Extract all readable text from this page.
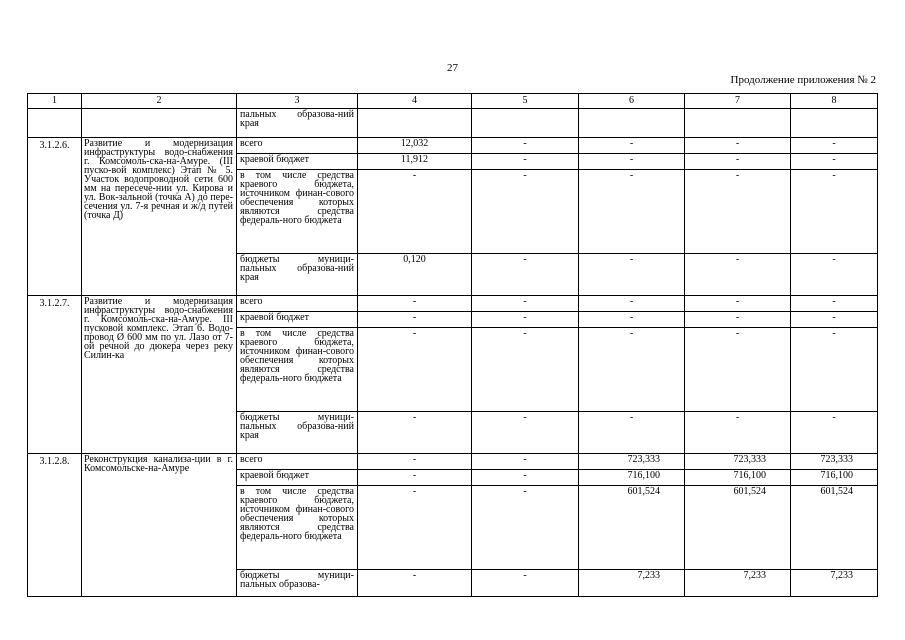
27
Продолжение приложения № 2
1	2	3	4	5	6	7	8
		пальных образова-ний края					
3.1.2.6.	Развитие и модернизация инфраструктуры водо-снабжения г. Комсомоль-ска-на-Амуре. (III пуско-вой комплекс) Этап № 5. Участок водопроводной сети 600 мм на пересече-нии ул. Кирова и ул. Вок-зальной (точка А) до пере-сечения ул. 7-я речная и ж/д путей (точка Д)	всего	12,032	-	-	-	-
		краевой бюджет	11,912	-	-	-	-
		в том числе средства краевого бюджета, источником финан-сового обеспечения которых являются средства федераль-ного бюджета	-	-	-	-	-
		бюджеты муници-пальных образова-ний края	0,120	-	-	-	-
3.1.2.7.	Развитие и модернизация инфраструктуры водо-снабжения г. Комсомоль-ска-на-Амуре. III пусковой комплекс. Этап 6. Водо-провод Ø 600 мм по ул. Лазо от 7-ой речной до дюкера через реку Силин-ка	всего	-	-	-	-	-
		краевой бюджет	-	-	-	-	-
		в том числе средства краевого бюджета, источником финан-сового обеспечения которых являются средства федераль-ного бюджета	-	-	-	-	-
		бюджеты муници-пальных образова-ний края	-	-	-	-	-
3.1.2.8.	Реконструкция канализа-ции в г. Комсомольске-на-Амуре	всего	-	-	723,333	723,333	723,333
		краевой бюджет	-	-	716,100	716,100	716,100
		в том числе средства краевого бюджета, источником финан-сового обеспечения которых являются средства федераль-ного бюджета	-	-	601,524	601,524	601,524
		бюджеты муници-пальных образова-	-	-	7,233	7,233	7,233
